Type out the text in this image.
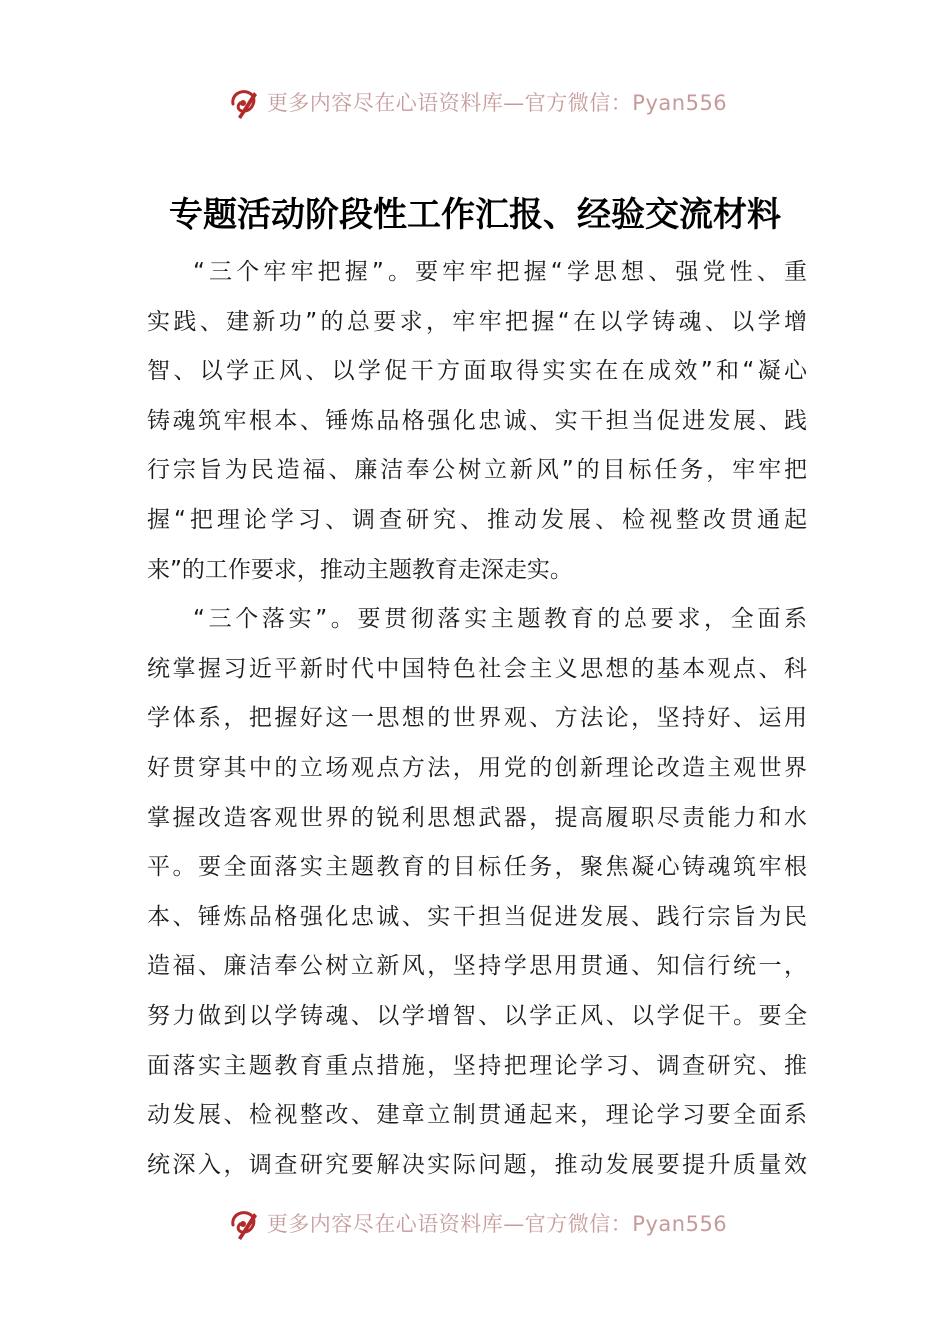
更多内容尽在心语资料库—官方微信：Pyan556
专题活动阶段性工作汇报、经验交流材料
“三个牢牢把握”。要牢牢把握“学思想、强党性、重
实践、建新功”的总要求，牢牢把握“在以学铸魂、以学增
智、以学正风、以学促干方面取得实实在在成效”和“凝心
铸魂筑牢根本、锤炼品格强化忠诚、实干担当促进发展、践
行宗旨为民造福、廉洁奉公树立新风”的目标任务，牢牢把
握“把理论学习、调查研究、推动发展、检视整改贯通起
来”的工作要求，推动主题教育走深走实。
“三个落实”。要贯彻落实主题教育的总要求，全面系
统掌握习近平新时代中国特色社会主义思想的基本观点、科
学体系，把握好这一思想的世界观、方法论，坚持好、运用
好贯穿其中的立场观点方法，用党的创新理论改造主观世界
掌握改造客观世界的锐利思想武器，提高履职尽责能力和水
平。要全面落实主题教育的目标任务，聚焦凝心铸魂筑牢根
本、锤炼品格强化忠诚、实干担当促进发展、践行宗旨为民
造福、廉洁奉公树立新风，坚持学思用贯通、知信行统一，
努力做到以学铸魂、以学增智、以学正风、以学促干。要全
面落实主题教育重点措施，坚持把理论学习、调查研究、推
动发展、检视整改、建章立制贯通起来，理论学习要全面系
统深入，调查研究要解决实际问题，推动发展要提升质量效
更多内容尽在心语资料库—官方微信：Pyan556
